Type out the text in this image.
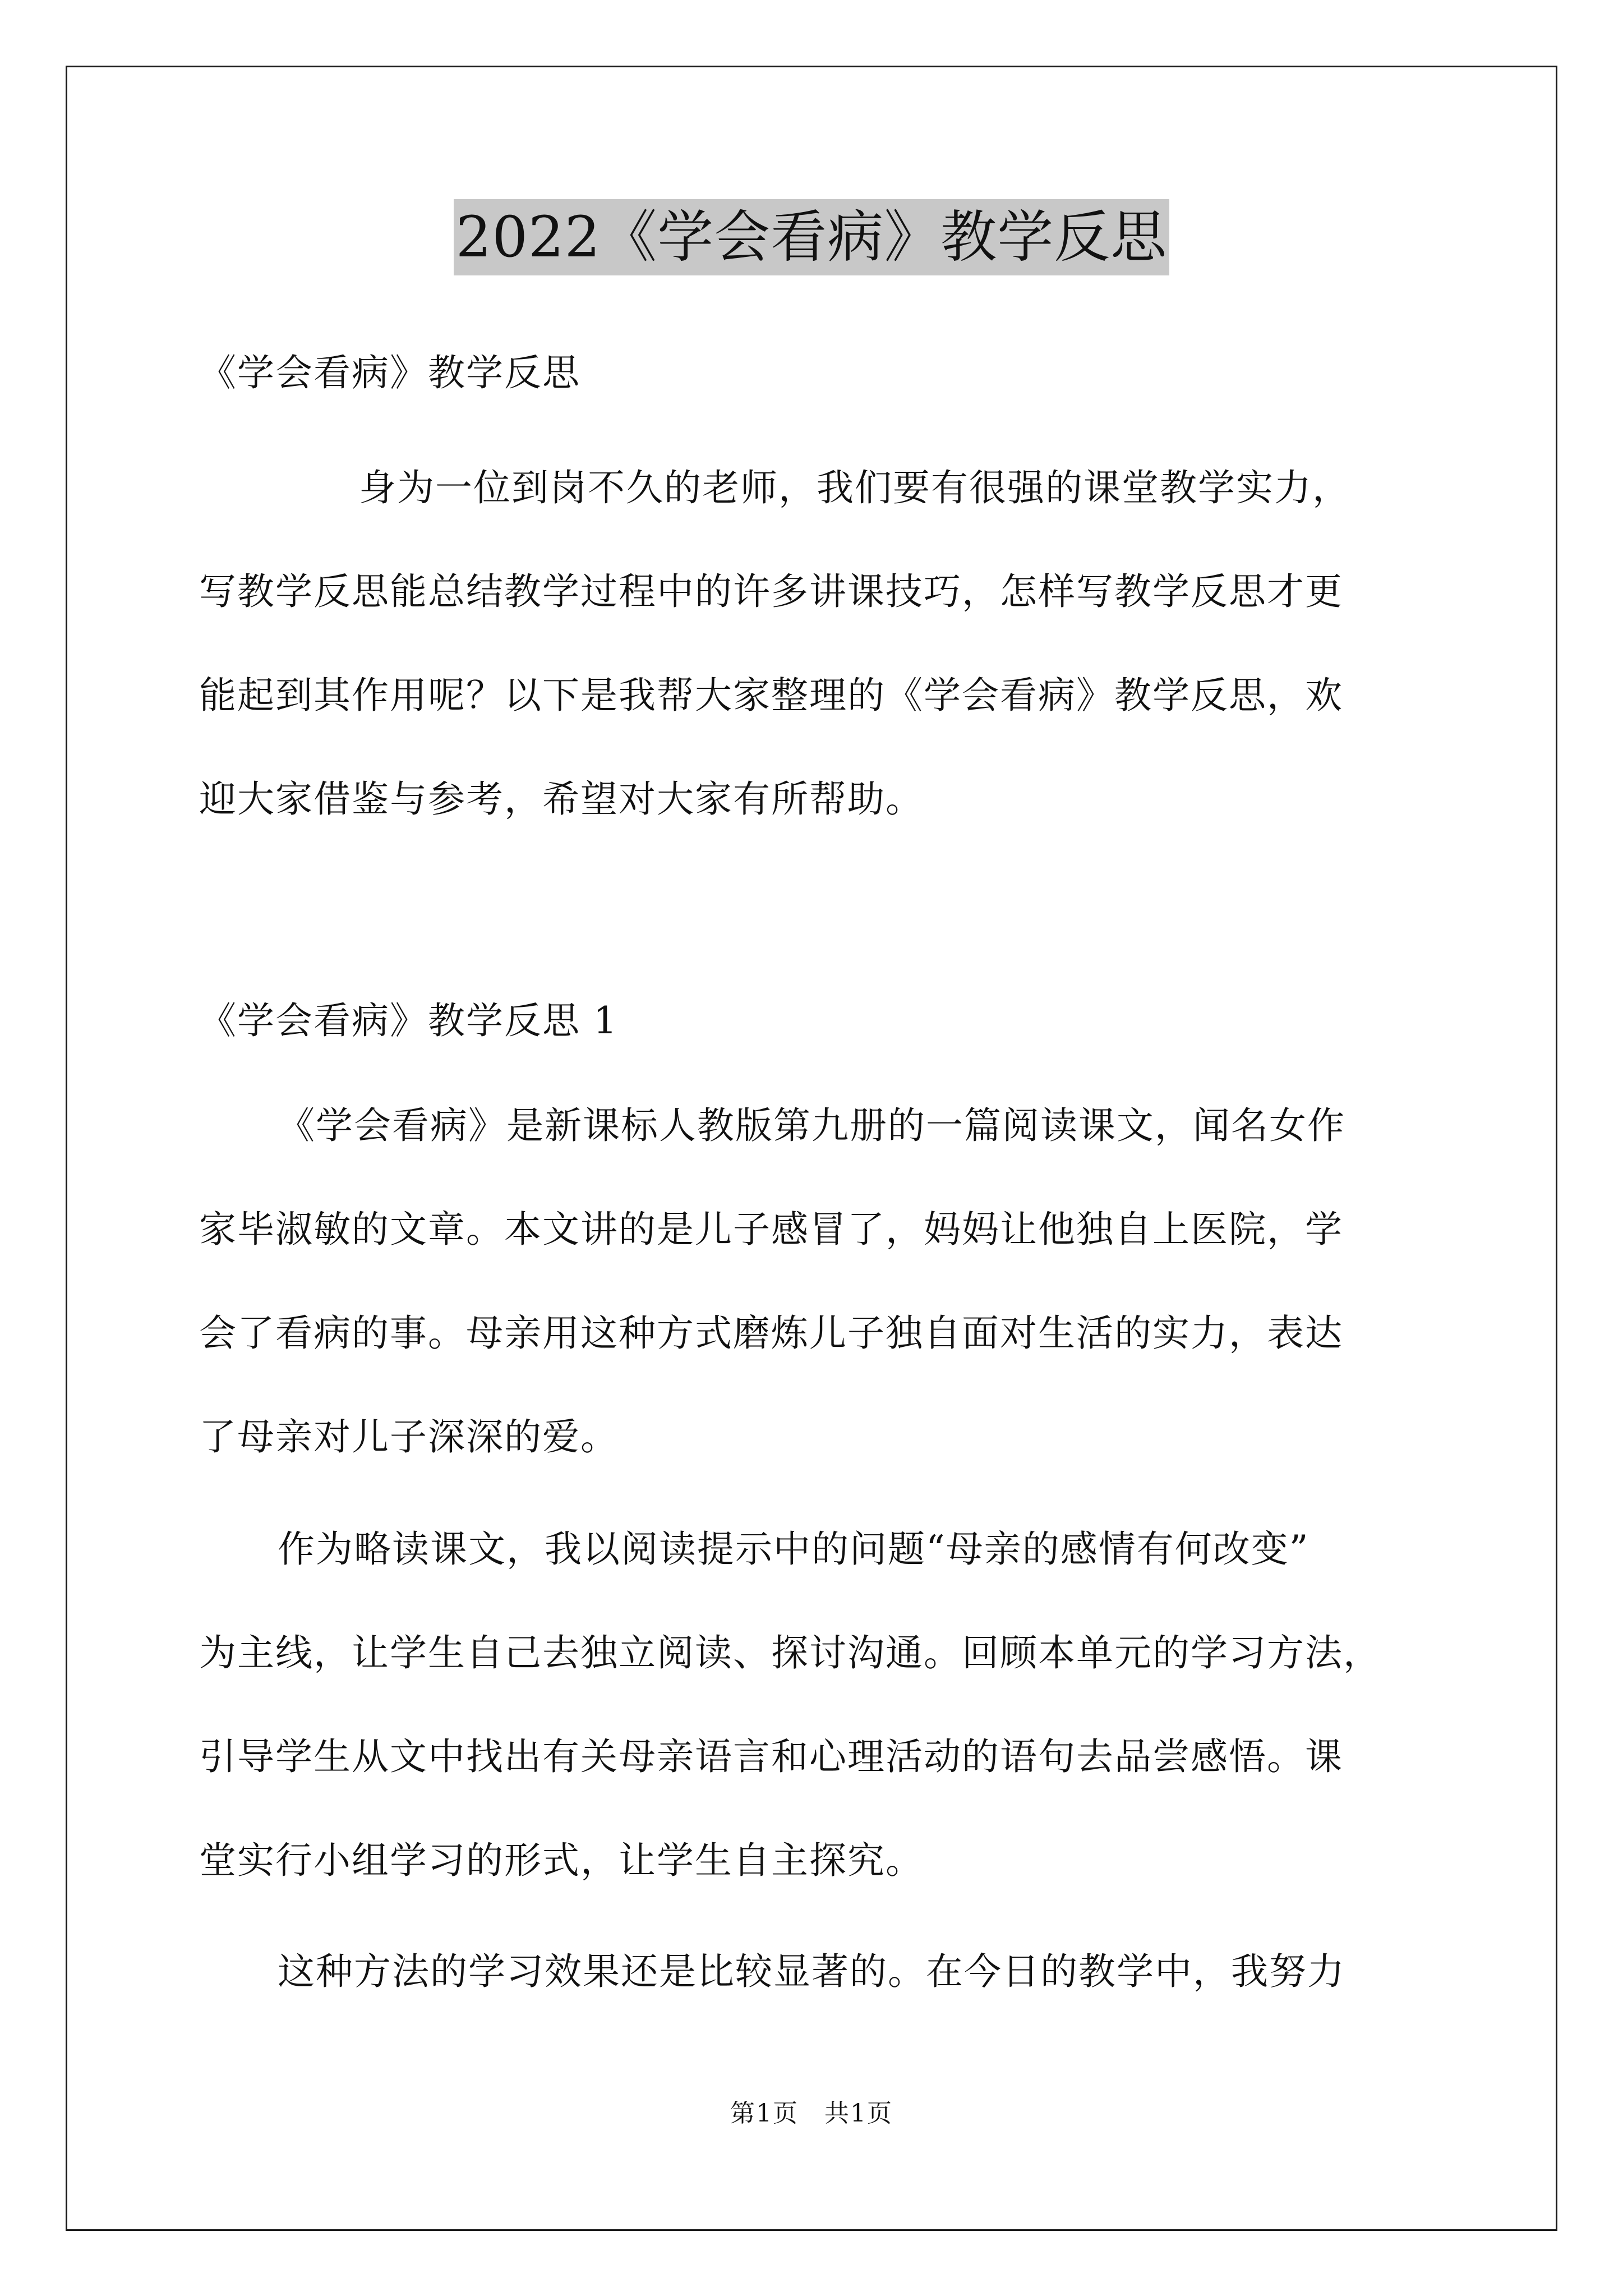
2022《学会看病》教学反思
《学会看病》教学反思
身为一位到岗不久的老师，我们要有很强的课堂教学实力，
写教学反思能总结教学过程中的许多讲课技巧，怎样写教学反思才更
能起到其作用呢？以下是我帮大家整理的《学会看病》教学反思，欢
迎大家借鉴与参考，希望对大家有所帮助。
《学会看病》教学反思 1
《学会看病》是新课标人教版第九册的一篇阅读课文，闻名女作
家毕淑敏的文章。本文讲的是儿子感冒了，妈妈让他独自上医院，学
会了看病的事。母亲用这种方式磨炼儿子独自面对生活的实力，表达
了母亲对儿子深深的爱。
作为略读课文，我以阅读提示中的问题“母亲的感情有何改变”
为主线，让学生自己去独立阅读、探讨沟通。回顾本单元的学习方法，
引导学生从文中找出有关母亲语言和心理活动的语句去品尝感悟。课
堂实行小组学习的形式，让学生自主探究。
这种方法的学习效果还是比较显著的。在今日的教学中，我努力
第1页　共1页
